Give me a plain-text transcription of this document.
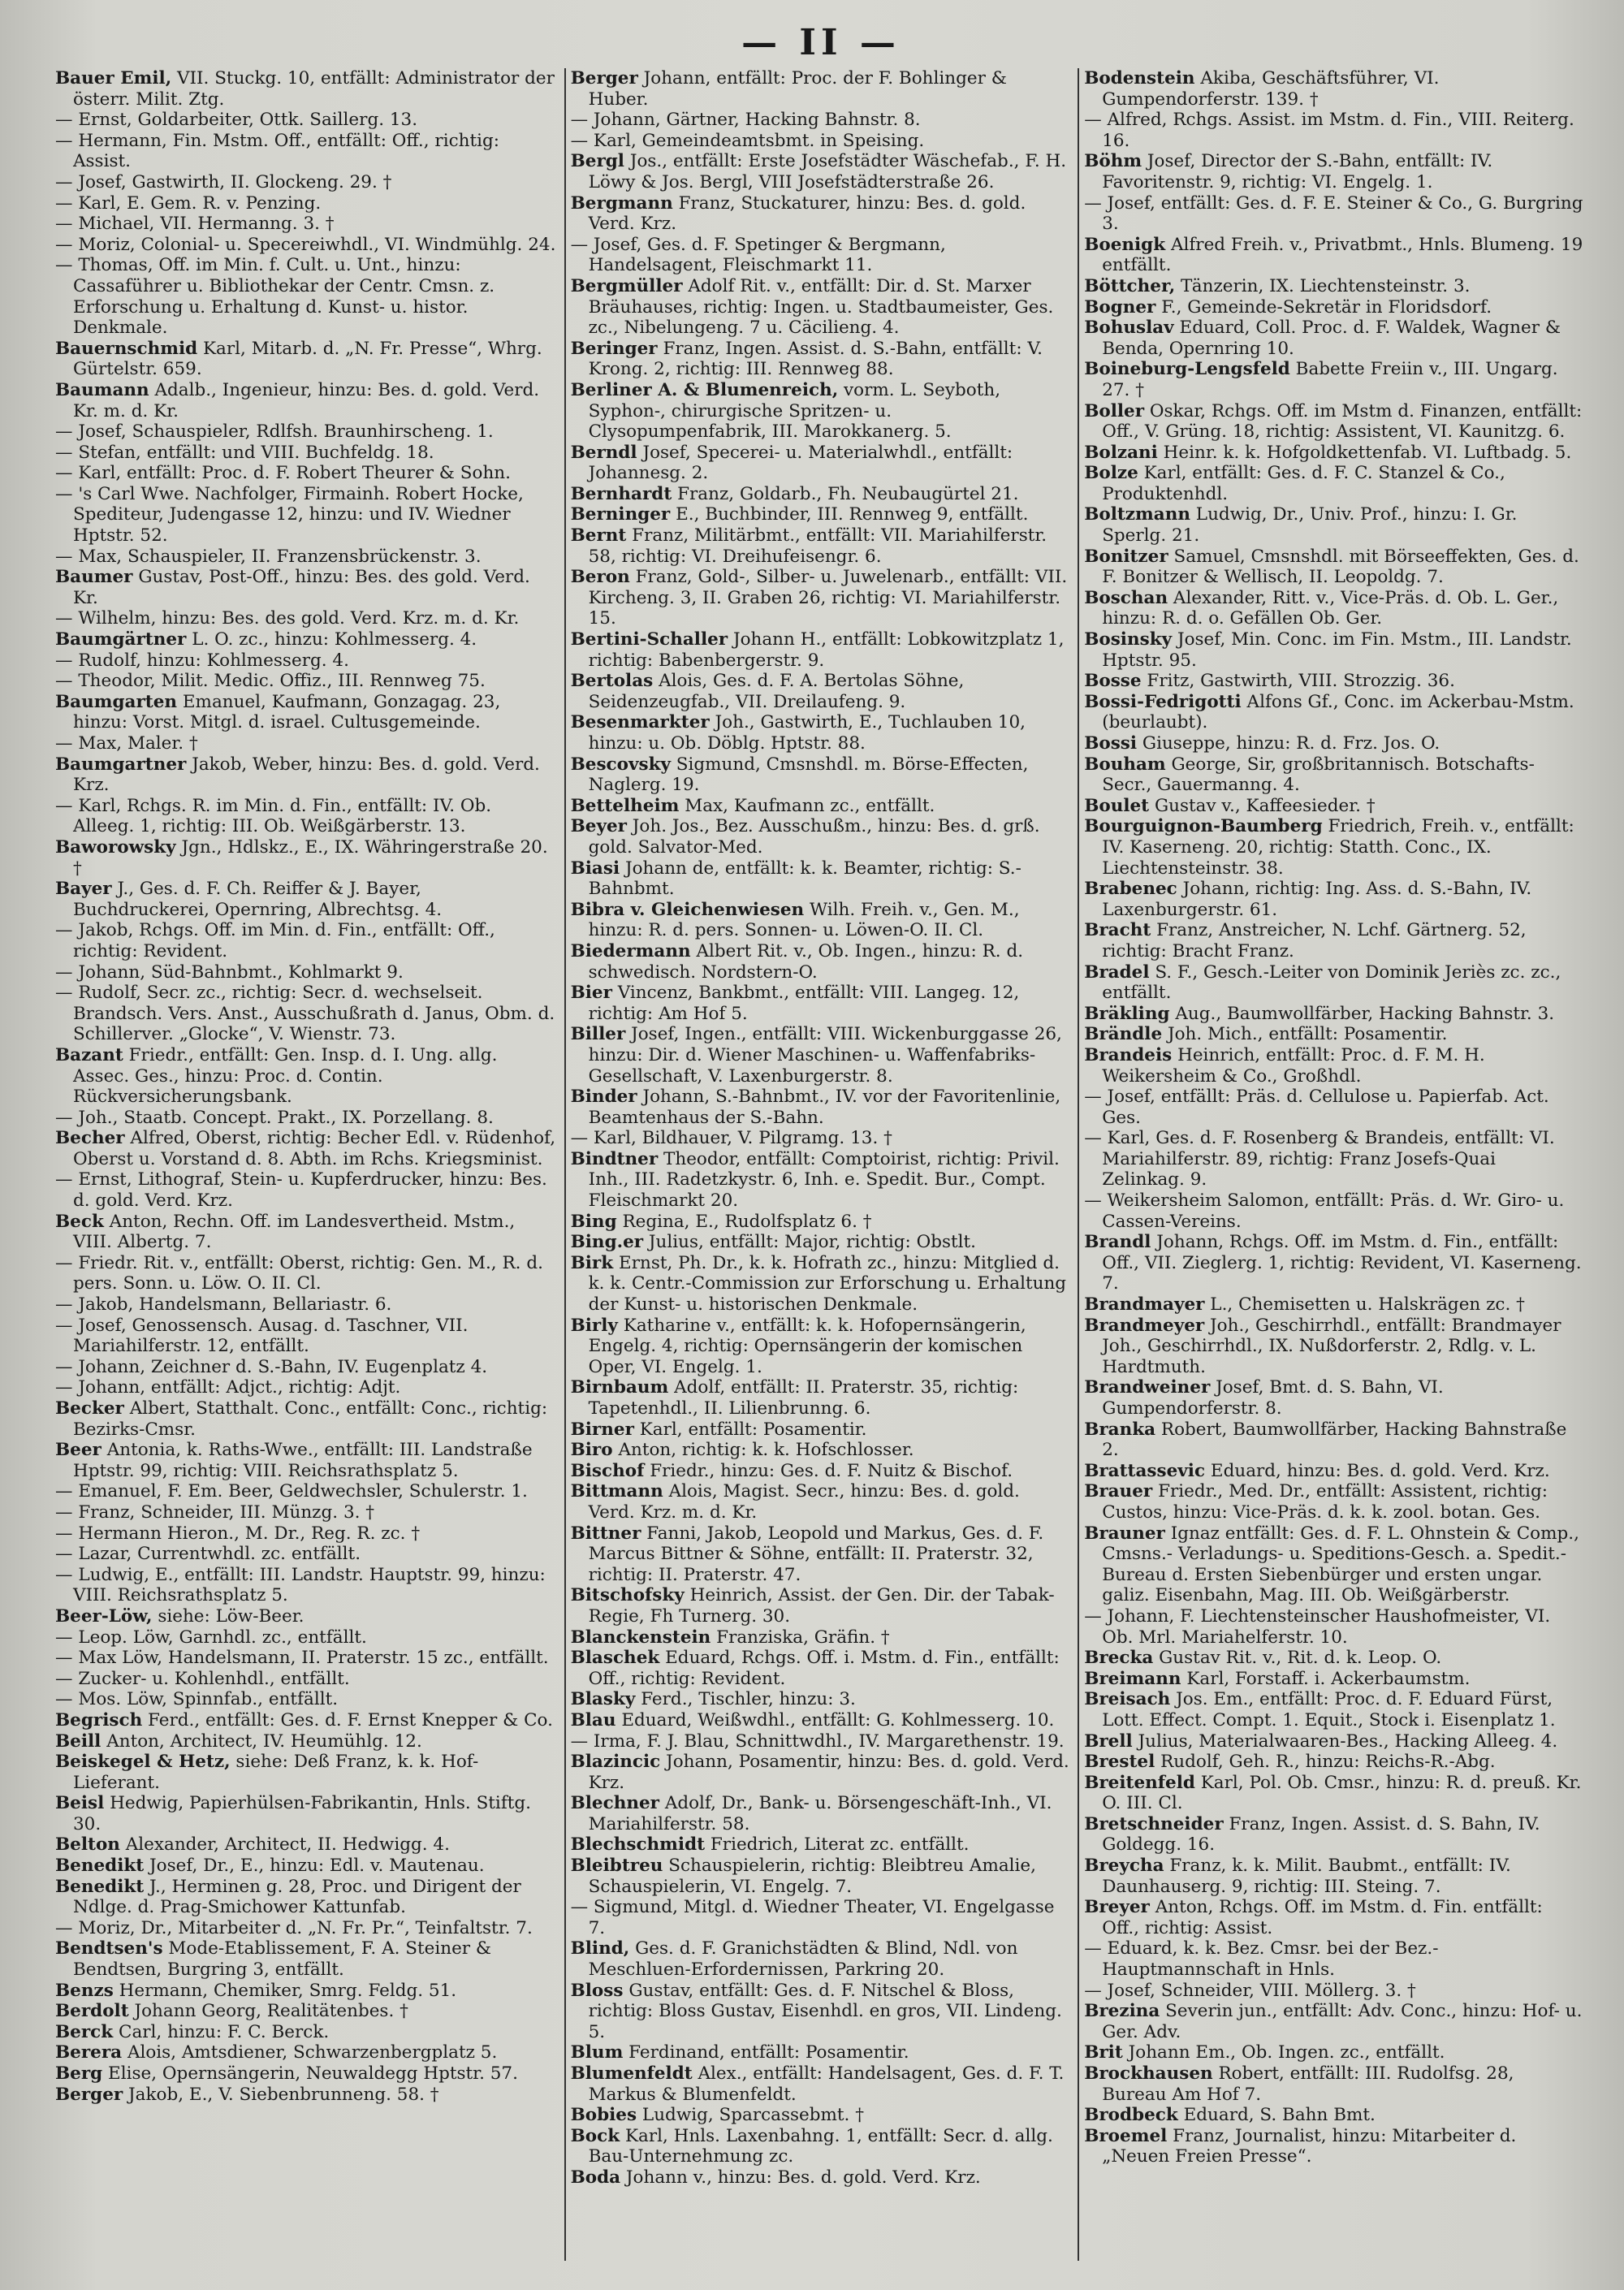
— II —

Bauer Emil, VII. Stuckg. 10, entfällt: Administrator der österr. Milit. Ztg.

— Ernst, Goldarbeiter, Ottk. Saillerg. 13.

— Hermann, Fin. Mstm. Off., entfällt: Off., richtig: Assist.

— Josef, Gastwirth, II. Glockeng. 29. †

— Karl, E. Gem. R. v. Penzing.

— Michael, VII. Hermanng. 3. †

— Moriz, Colonial- u. Specereiwhdl., VI. Windmühlg. 24.

— Thomas, Off. im Min. f. Cult. u. Unt., hinzu: Cassaführer u. Bibliothekar der Centr. Cmsn. z. Erforschung u. Erhaltung d. Kunst- u. histor. Denkmale.

Bauernschmid Karl, Mitarb. d. „N. Fr. Presse“, Whrg. Gürtelstr. 659.

Baumann Adalb., Ingenieur, hinzu: Bes. d. gold. Verd. Kr. m. d. Kr.

— Josef, Schauspieler, Rdlfsh. Braunhirscheng. 1.

— Stefan, entfällt: und VIII. Buchfeldg. 18.

— Karl, entfällt: Proc. d. F. Robert Theurer & Sohn.

— 's Carl Wwe. Nachfolger, Firmainh. Robert Hocke, Spediteur, Judengasse 12, hinzu: und IV. Wiedner Hptstr. 52.

— Max, Schauspieler, II. Franzensbrückenstr. 3.

Baumer Gustav, Post-Off., hinzu: Bes. des gold. Verd. Kr.

— Wilhelm, hinzu: Bes. des gold. Verd. Krz. m. d. Kr.

Baumgärtner L. O. zc., hinzu: Kohlmesserg. 4.

— Rudolf, hinzu: Kohlmesserg. 4.

— Theodor, Milit. Medic. Offiz., III. Rennweg 75.

Baumgarten Emanuel, Kaufmann, Gonzagag. 23, hinzu: Vorst. Mitgl. d. israel. Cultusgemeinde.

— Max, Maler. †

Baumgartner Jakob, Weber, hinzu: Bes. d. gold. Verd. Krz.

— Karl, Rchgs. R. im Min. d. Fin., entfällt: IV. Ob. Alleeg. 1, richtig: III. Ob. Weißgärberstr. 13.

Baworowsky Jgn., Hdlskz., E., IX. Währingerstraße 20. †

Bayer J., Ges. d. F. Ch. Reiffer & J. Bayer, Buchdruckerei, Opernring, Albrechtsg. 4.

— Jakob, Rchgs. Off. im Min. d. Fin., entfällt: Off., richtig: Revident.

— Johann, Süd-Bahnbmt., Kohlmarkt 9.

— Rudolf, Secr. zc., richtig: Secr. d. wechselseit. Brandsch. Vers. Anst., Ausschußrath d. Janus, Obm. d. Schillerver. „Glocke“, V. Wienstr. 73.

Bazant Friedr., entfällt: Gen. Insp. d. I. Ung. allg. Assec. Ges., hinzu: Proc. d. Contin. Rückversicherungsbank.

— Joh., Staatb. Concept. Prakt., IX. Porzellang. 8.

Becher Alfred, Oberst, richtig: Becher Edl. v. Rüdenhof, Oberst u. Vorstand d. 8. Abth. im Rchs. Kriegsminist.

— Ernst, Lithograf, Stein- u. Kupferdrucker, hinzu: Bes. d. gold. Verd. Krz.

Beck Anton, Rechn. Off. im Landesvertheid. Mstm., VIII. Albertg. 7.

— Friedr. Rit. v., entfällt: Oberst, richtig: Gen. M., R. d. pers. Sonn. u. Löw. O. II. Cl.

— Jakob, Handelsmann, Bellariastr. 6.

— Josef, Genossensch. Ausag. d. Taschner, VII. Mariahilferstr. 12, entfällt.

— Johann, Zeichner d. S.-Bahn, IV. Eugenplatz 4.

— Johann, entfällt: Adjct., richtig: Adjt.

Becker Albert, Statthalt. Conc., entfällt: Conc., richtig: Bezirks-Cmsr.

Beer Antonia, k. Raths-Wwe., entfällt: III. Landstraße Hptstr. 99, richtig: VIII. Reichsrathsplatz 5.

— Emanuel, F. Em. Beer, Geldwechsler, Schulerstr. 1.

— Franz, Schneider, III. Münzg. 3. †

— Hermann Hieron., M. Dr., Reg. R. zc. †

— Lazar, Currentwhdl. zc. entfällt.

— Ludwig, E., entfällt: III. Landstr. Hauptstr. 99, hinzu: VIII. Reichsrathsplatz 5.

Beer-Löw, siehe: Löw-Beer.

— Leop. Löw, Garnhdl. zc., entfällt.

— Max Löw, Handelsmann, II. Praterstr. 15 zc., entfällt.

— Zucker- u. Kohlenhdl., entfällt.

— Mos. Löw, Spinnfab., entfällt.

Begrisch Ferd., entfällt: Ges. d. F. Ernst Knepper & Co.

Beill Anton, Architect, IV. Heumühlg. 12.

Beiskegel & Hetz, siehe: Deß Franz, k. k. Hof-Lieferant.

Beisl Hedwig, Papierhülsen-Fabrikantin, Hnls. Stiftg. 30.

Belton Alexander, Architect, II. Hedwigg. 4.

Benedikt Josef, Dr., E., hinzu: Edl. v. Mautenau.

Benedikt J., Herminen g. 28, Proc. und Dirigent der Ndlge. d. Prag-Smichower Kattunfab.

— Moriz, Dr., Mitarbeiter d. „N. Fr. Pr.“, Teinfaltstr. 7.

Bendtsen's Mode-Etablissement, F. A. Steiner & Bendtsen, Burgring 3, entfällt.

Benzs Hermann, Chemiker, Smrg. Feldg. 51.

Berdolt Johann Georg, Realitätenbes. †

Berck Carl, hinzu: F. C. Berck.

Berera Alois, Amtsdiener, Schwarzenbergplatz 5.

Berg Elise, Opernsängerin, Neuwaldegg Hptstr. 57.

Berger Jakob, E., V. Siebenbrunneng. 58. †

Berger Johann, entfällt: Proc. der F. Bohlinger & Huber.

— Johann, Gärtner, Hacking Bahnstr. 8.

— Karl, Gemeindeamtsbmt. in Speising.

Bergl Jos., entfällt: Erste Josefstädter Wäschefab., F. H. Löwy & Jos. Bergl, VIII Josefstädterstraße 26.

Bergmann Franz, Stuckaturer, hinzu: Bes. d. gold. Verd. Krz.

— Josef, Ges. d. F. Spetinger & Bergmann, Handelsagent, Fleischmarkt 11.

Bergmüller Adolf Rit. v., entfällt: Dir. d. St. Marxer Bräuhauses, richtig: Ingen. u. Stadtbaumeister, Ges. zc., Nibelungeng. 7 u. Cäcilieng. 4.

Beringer Franz, Ingen. Assist. d. S.-Bahn, entfällt: V. Krong. 2, richtig: III. Rennweg 88.

Berliner A. & Blumenreich, vorm. L. Seyboth, Syphon-, chirurgische Spritzen- u. Clysopumpenfabrik, III. Marokkanerg. 5.

Berndl Josef, Specerei- u. Materialwhdl., entfällt: Johannesg. 2.

Bernhardt Franz, Goldarb., Fh. Neubaugürtel 21.

Berninger E., Buchbinder, III. Rennweg 9, entfällt.

Bernt Franz, Militärbmt., entfällt: VII. Mariahilferstr. 58, richtig: VI. Dreihufeisengr. 6.

Beron Franz, Gold-, Silber- u. Juwelenarb., entfällt: VII. Kircheng. 3, II. Graben 26, richtig: VI. Mariahilferstr. 15.

Bertini-Schaller Johann H., entfällt: Lobkowitzplatz 1, richtig: Babenbergerstr. 9.

Bertolas Alois, Ges. d. F. A. Bertolas Söhne, Seidenzeugfab., VII. Dreilaufeng. 9.

Besenmarkter Joh., Gastwirth, E., Tuchlauben 10, hinzu: u. Ob. Döblg. Hptstr. 88.

Bescovsky Sigmund, Cmsnshdl. m. Börse-Effecten, Naglerg. 19.

Bettelheim Max, Kaufmann zc., entfällt.

Beyer Joh. Jos., Bez. Ausschußm., hinzu: Bes. d. grß. gold. Salvator-Med.

Biasi Johann de, entfällt: k. k. Beamter, richtig: S.-Bahnbmt.

Bibra v. Gleichenwiesen Wilh. Freih. v., Gen. M., hinzu: R. d. pers. Sonnen- u. Löwen-O. II. Cl.

Biedermann Albert Rit. v., Ob. Ingen., hinzu: R. d. schwedisch. Nordstern-O.

Bier Vincenz, Bankbmt., entfällt: VIII. Langeg. 12, richtig: Am Hof 5.

Biller Josef, Ingen., entfällt: VIII. Wickenburggasse 26, hinzu: Dir. d. Wiener Maschinen- u. Waffenfabriks-Gesellschaft, V. Laxenburgerstr. 8.

Binder Johann, S.-Bahnbmt., IV. vor der Favoritenlinie, Beamtenhaus der S.-Bahn.

— Karl, Bildhauer, V. Pilgramg. 13. †

Bindtner Theodor, entfällt: Comptoirist, richtig: Privil. Inh., III. Radetzkystr. 6, Inh. e. Spedit. Bur., Compt. Fleischmarkt 20.

Bing Regina, E., Rudolfsplatz 6. †

Bing.er Julius, entfällt: Major, richtig: Obstlt.

Birk Ernst, Ph. Dr., k. k. Hofrath zc., hinzu: Mitglied d. k. k. Centr.-Commission zur Erforschung u. Erhaltung der Kunst- u. historischen Denkmale.

Birly Katharine v., entfällt: k. k. Hofopernsängerin, Engelg. 4, richtig: Opernsängerin der komischen Oper, VI. Engelg. 1.

Birnbaum Adolf, entfällt: II. Praterstr. 35, richtig: Tapetenhdl., II. Lilienbrunng. 6.

Birner Karl, entfällt: Posamentir.

Biro Anton, richtig: k. k. Hofschlosser.

Bischof Friedr., hinzu: Ges. d. F. Nuitz & Bischof.

Bittmann Alois, Magist. Secr., hinzu: Bes. d. gold. Verd. Krz. m. d. Kr.

Bittner Fanni, Jakob, Leopold und Markus, Ges. d. F. Marcus Bittner & Söhne, entfällt: II. Praterstr. 32, richtig: II. Praterstr. 47.

Bitschofsky Heinrich, Assist. der Gen. Dir. der Tabak-Regie, Fh Turnerg. 30.

Blanckenstein Franziska, Gräfin. †

Blaschek Eduard, Rchgs. Off. i. Mstm. d. Fin., entfällt: Off., richtig: Revident.

Blasky Ferd., Tischler, hinzu: 3.

Blau Eduard, Weißwdhl., entfällt: G. Kohlmesserg. 10.

— Irma, F. J. Blau, Schnittwdhl., IV. Margarethenstr. 19.

Blazincic Johann, Posamentir, hinzu: Bes. d. gold. Verd. Krz.

Blechner Adolf, Dr., Bank- u. Börsengeschäft-Inh., VI. Mariahilferstr. 58.

Blechschmidt Friedrich, Literat zc. entfällt.

Bleibtreu Schauspielerin, richtig: Bleibtreu Amalie, Schauspielerin, VI. Engelg. 7.

— Sigmund, Mitgl. d. Wiedner Theater, VI. Engelgasse 7.

Blind, Ges. d. F. Granichstädten & Blind, Ndl. von Meschluen-Erfordernissen, Parkring 20.

Bloss Gustav, entfällt: Ges. d. F. Nitschel & Bloss, richtig: Bloss Gustav, Eisenhdl. en gros, VII. Lindeng. 5.

Blum Ferdinand, entfällt: Posamentir.

Blumenfeldt Alex., entfällt: Handelsagent, Ges. d. F. T. Markus & Blumenfeldt.

Bobies Ludwig, Sparcassebmt. †

Bock Karl, Hnls. Laxenbahng. 1, entfällt: Secr. d. allg. Bau-Unternehmung zc.

Boda Johann v., hinzu: Bes. d. gold. Verd. Krz.

Bodenstein Akiba, Geschäftsführer, VI. Gumpendorferstr. 139. †

— Alfred, Rchgs. Assist. im Mstm. d. Fin., VIII. Reiterg. 16.

Böhm Josef, Director der S.-Bahn, entfällt: IV. Favoritenstr. 9, richtig: VI. Engelg. 1.

— Josef, entfällt: Ges. d. F. E. Steiner & Co., G. Burgring 3.

Boenigk Alfred Freih. v., Privatbmt., Hnls. Blumeng. 19 entfällt.

Böttcher, Tänzerin, IX. Liechtensteinstr. 3.

Bogner F., Gemeinde-Sekretär in Floridsdorf.

Bohuslav Eduard, Coll. Proc. d. F. Waldek, Wagner & Benda, Opernring 10.

Boineburg-Lengsfeld Babette Freiin v., III. Ungarg. 27. †

Boller Oskar, Rchgs. Off. im Mstm d. Finanzen, entfällt: Off., V. Grüng. 18, richtig: Assistent, VI. Kaunitzg. 6.

Bolzani Heinr. k. k. Hofgoldkettenfab. VI. Luftbadg. 5.

Bolze Karl, entfällt: Ges. d. F. C. Stanzel & Co., Produktenhdl.

Boltzmann Ludwig, Dr., Univ. Prof., hinzu: I. Gr. Sperlg. 21.

Bonitzer Samuel, Cmsnshdl. mit Börseeffekten, Ges. d. F. Bonitzer & Wellisch, II. Leopoldg. 7.

Boschan Alexander, Ritt. v., Vice-Präs. d. Ob. L. Ger., hinzu: R. d. o. Gefällen Ob. Ger.

Bosinsky Josef, Min. Conc. im Fin. Mstm., III. Landstr. Hptstr. 95.

Bosse Fritz, Gastwirth, VIII. Strozzig. 36.

Bossi-Fedrigotti Alfons Gf., Conc. im Ackerbau-Mstm. (beurlaubt).

Bossi Giuseppe, hinzu: R. d. Frz. Jos. O.

Bouham George, Sir, großbritannisch. Botschafts-Secr., Gauermanng. 4.

Boulet Gustav v., Kaffeesieder. †

Bourguignon-Baumberg Friedrich, Freih. v., entfällt: IV. Kaserneng. 20, richtig: Statth. Conc., IX. Liechtensteinstr. 38.

Brabenec Johann, richtig: Ing. Ass. d. S.-Bahn, IV. Laxenburgerstr. 61.

Bracht Franz, Anstreicher, N. Lchf. Gärtnerg. 52, richtig: Bracht Franz.

Bradel S. F., Gesch.-Leiter von Dominik Jeriès zc. zc., entfällt.

Bräkling Aug., Baumwollfärber, Hacking Bahnstr. 3.

Brändle Joh. Mich., entfällt: Posamentir.

Brandeis Heinrich, entfällt: Proc. d. F. M. H. Weikersheim & Co., Großhdl.

— Josef, entfällt: Präs. d. Cellulose u. Papierfab. Act. Ges.

— Karl, Ges. d. F. Rosenberg & Brandeis, entfällt: VI. Mariahilferstr. 89, richtig: Franz Josefs-Quai Zelinkag. 9.

— Weikersheim Salomon, entfällt: Präs. d. Wr. Giro- u. Cassen-Vereins.

Brandl Johann, Rchgs. Off. im Mstm. d. Fin., entfällt: Off., VII. Zieglerg. 1, richtig: Revident, VI. Kaserneng. 7.

Brandmayer L., Chemisetten u. Halskrägen zc. †

Brandmeyer Joh., Geschirrhdl., entfällt: Brandmayer Joh., Geschirrhdl., IX. Nußdorferstr. 2, Rdlg. v. L. Hardtmuth.

Brandweiner Josef, Bmt. d. S. Bahn, VI. Gumpendorferstr. 8.

Branka Robert, Baumwollfärber, Hacking Bahnstraße 2.

Brattassevic Eduard, hinzu: Bes. d. gold. Verd. Krz.

Brauer Friedr., Med. Dr., entfällt: Assistent, richtig: Custos, hinzu: Vice-Präs. d. k. k. zool. botan. Ges.

Brauner Ignaz entfällt: Ges. d. F. L. Ohnstein & Comp., Cmsns.- Verladungs- u. Speditions-Gesch. a. Spedit.-Bureau d. Ersten Siebenbürger und ersten ungar. galiz. Eisenbahn, Mag. III. Ob. Weißgärberstr.

— Johann, F. Liechtensteinscher Haushofmeister, VI. Ob. Mrl. Mariahelferstr. 10.

Brecka Gustav Rit. v., Rit. d. k. Leop. O.

Breimann Karl, Forstaff. i. Ackerbaumstm.

Breisach Jos. Em., entfällt: Proc. d. F. Eduard Fürst, Lott. Effect. Compt. 1. Equit., Stock i. Eisenplatz 1.

Brell Julius, Materialwaaren-Bes., Hacking Alleeg. 4.

Brestel Rudolf, Geh. R., hinzu: Reichs-R.-Abg.

Breitenfeld Karl, Pol. Ob. Cmsr., hinzu: R. d. preuß. Kr. O. III. Cl.

Bretschneider Franz, Ingen. Assist. d. S. Bahn, IV. Goldegg. 16.

Breycha Franz, k. k. Milit. Baubmt., entfällt: IV. Daunhauserg. 9, richtig: III. Steing. 7.

Breyer Anton, Rchgs. Off. im Mstm. d. Fin. entfällt: Off., richtig: Assist.

— Eduard, k. k. Bez. Cmsr. bei der Bez.-Hauptmannschaft in Hnls.

— Josef, Schneider, VIII. Möllerg. 3. †

Brezina Severin jun., entfällt: Adv. Conc., hinzu: Hof- u. Ger. Adv.

Brit Johann Em., Ob. Ingen. zc., entfällt.

Brockhausen Robert, entfällt: III. Rudolfsg. 28, Bureau Am Hof 7.

Brodbeck Eduard, S. Bahn Bmt.

Broemel Franz, Journalist, hinzu: Mitarbeiter d. „Neuen Freien Presse“.
